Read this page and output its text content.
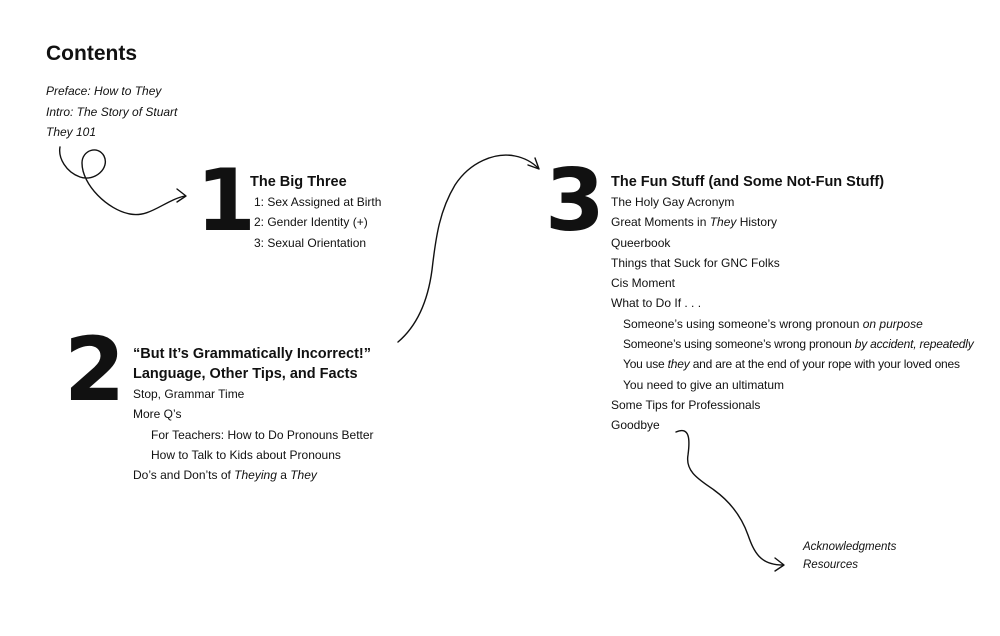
Contents
Preface: How to They
Intro: The Story of Stuart
They 101
1
The Big Three
1: Sex Assigned at Birth
2: Gender Identity (+)
3: Sexual Orientation
2 “But It’s Grammatically Incorrect!”
Language, Other Tips, and Facts
Stop, Grammar Time
More Q’s
For Teachers: How to Do Pronouns Better
How to Talk to Kids about Pronouns
Do’s and Don’ts of Theying a They
3 The Fun Stuff (and Some Not-Fun Stuff)
The Holy Gay Acronym
Great Moments in They History
Queerbook
Things that Suck for GNC Folks
Cis Moment
What to Do If . . .
Someone’s using someone’s wrong pronoun on purpose
Someone’s using someone’s wrong pronoun by accident, repeatedly
You use they and are at the end of your rope with your loved ones
You need to give an ultimatum
Some Tips for Professionals
Goodbye
Acknowledgments
Resources
